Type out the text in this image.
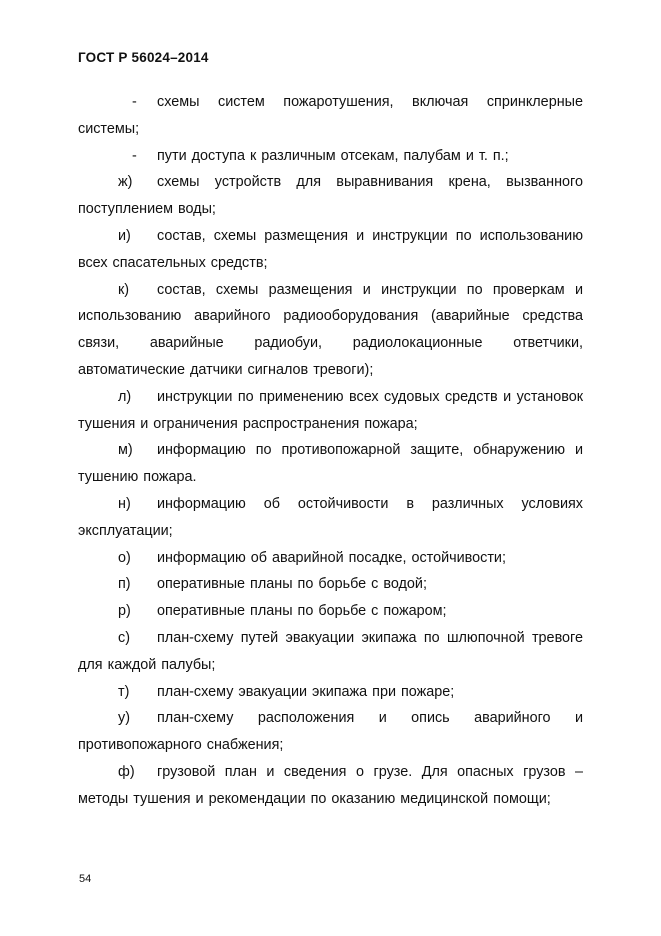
ГОСТ Р 56024–2014

- схемы систем пожаротушения, включая спринклерные системы;

- пути доступа к различным отсекам, палубам и т. п.;

ж) схемы устройств для выравнивания крена, вызванного поступлением воды;

и) состав, схемы размещения и инструкции по использованию всех спасательных средств;

к) состав, схемы размещения и инструкции по проверкам и использованию аварийного радиооборудования (аварийные средства связи, аварийные радиобуи, радиолокационные ответчики, автоматические датчики сигналов тревоги);

л) инструкции по применению всех судовых средств и установок тушения и ограничения распространения пожара;

м) информацию по противопожарной защите, обнаружению и тушению пожара.

н) информацию об остойчивости в различных условиях эксплуатации;

о) информацию об аварийной посадке, остойчивости;

п) оперативные планы по борьбе с водой;

р) оперативные планы по борьбе с пожаром;

с) план-схему путей эвакуации экипажа по шлюпочной тревоге для каждой палубы;

т) план-схему эвакуации экипажа при пожаре;

у) план-схему расположения и опись аварийного и противопожарного снабжения;

ф) грузовой план и сведения о грузе. Для опасных грузов – методы тушения и рекомендации по оказанию медицинской помощи;

54
